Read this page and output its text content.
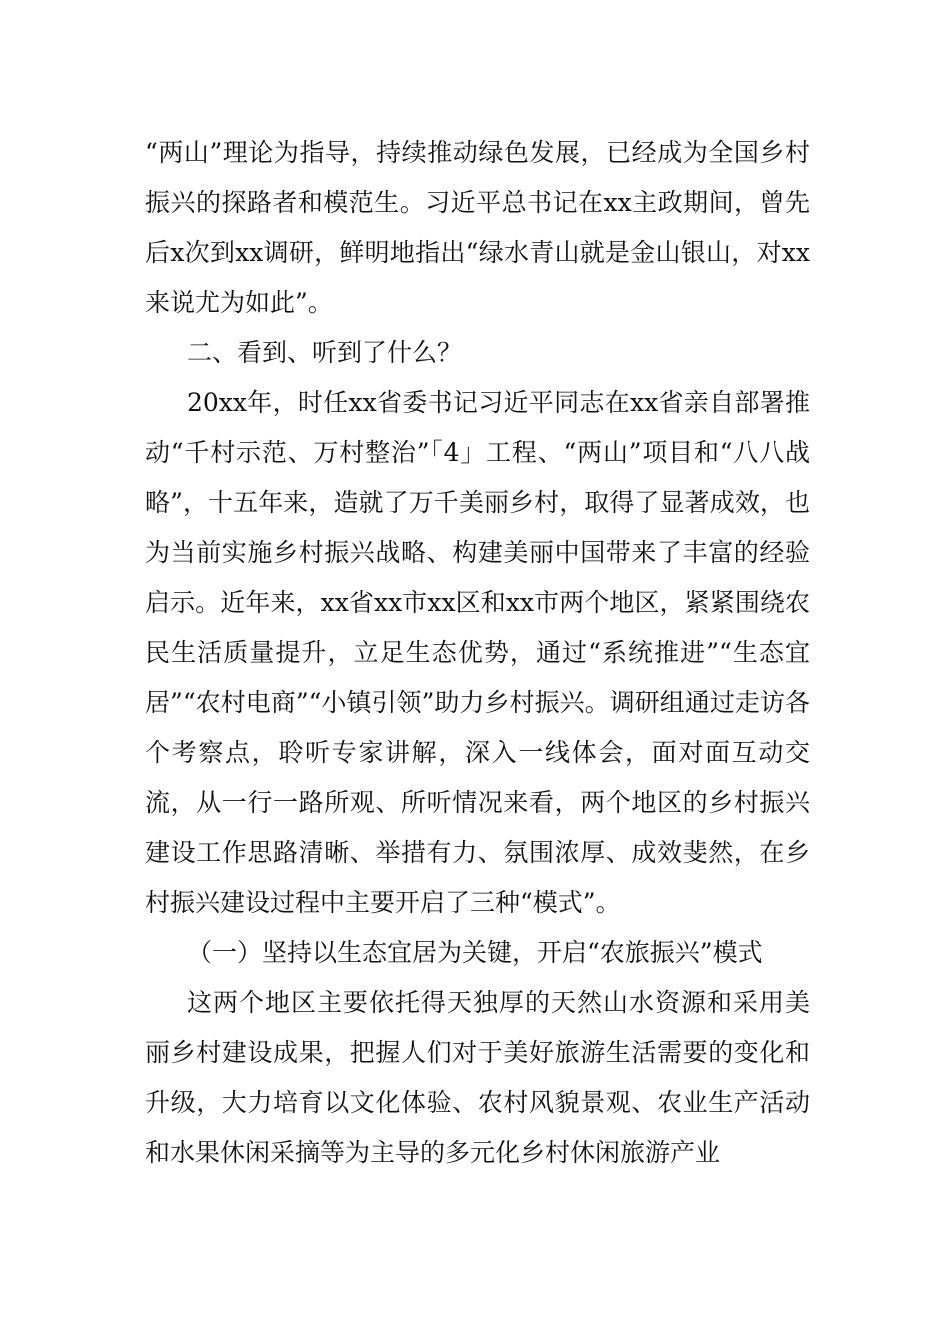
“两山”理论为指导，持续推动绿色发展，已经成为全国乡村振兴的探路者和模范生。习近平总书记在xx主政期间，曾先后x次到xx调研，鲜明地指出“绿水青山就是金山银山，对xx来说尤为如此”。

二、看到、听到了什么？

20xx年，时任xx省委书记习近平同志在xx省亲自部署推动“千村示范、万村整治”「4」工程、“两山”项目和“八八战略”，十五年来，造就了万千美丽乡村，取得了显著成效，也为当前实施乡村振兴战略、构建美丽中国带来了丰富的经验启示。近年来，xx省xx市xx区和xx市两个地区，紧紧围绕农民生活质量提升，立足生态优势，通过“系统推进”“生态宜居”“农村电商”“小镇引领”助力乡村振兴。调研组通过走访各个考察点，聆听专家讲解，深入一线体会，面对面互动交流，从一行一路所观、所听情况来看，两个地区的乡村振兴建设工作思路清晰、举措有力、氛围浓厚、成效斐然，在乡村振兴建设过程中主要开启了三种“模式”。

（一）坚持以生态宜居为关键，开启“农旅振兴”模式

这两个地区主要依托得天独厚的天然山水资源和采用美丽乡村建设成果，把握人们对于美好旅游生活需要的变化和升级，大力培育以文化体验、农村风貌景观、农业生产活动和水果休闲采摘等为主导的多元化乡村休闲旅游产业
